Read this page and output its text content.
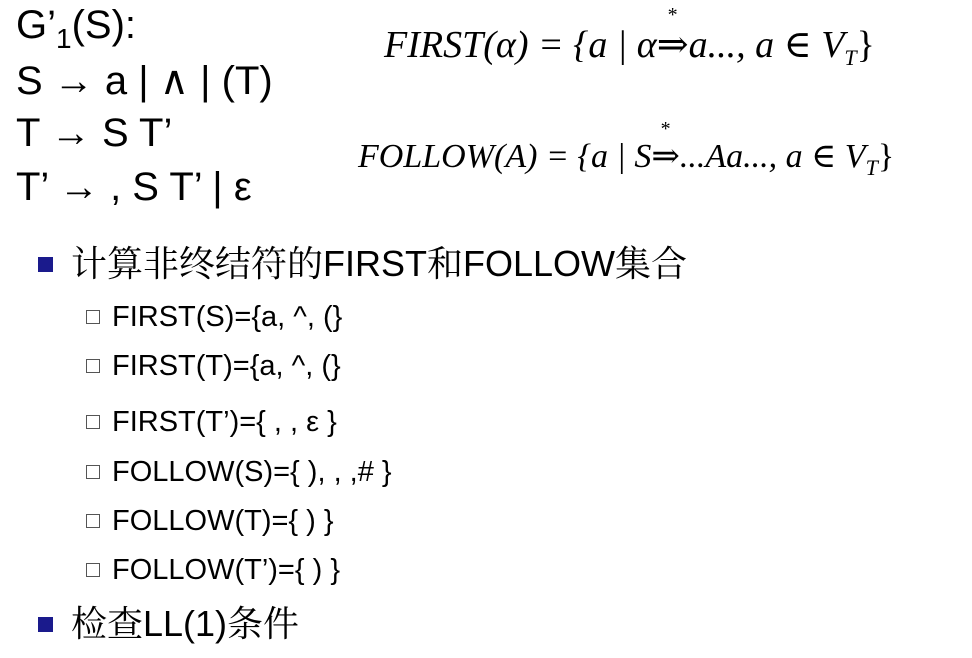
$G’_1(S)$:
S → a | ∧ | (T)
T → S T’
T’ → , S T’ | ε
FIRST(α) = {a | α
*
⇒a..., a ∈ $V_T$}
FOLLOW(A) = {a | S
*
⇒...Aa..., a ∈ $V_T$}
计算非终结符的FIRST和FOLLOW集合
FIRST(S)={a, ^, (}
FIRST(T)={a, ^, (}
FIRST(T’)={ , , ε }
FOLLOW(S)={ ), , ,# }
FOLLOW(T)={ ) }
FOLLOW(T’)={ ) }
检查LL(1)条件
